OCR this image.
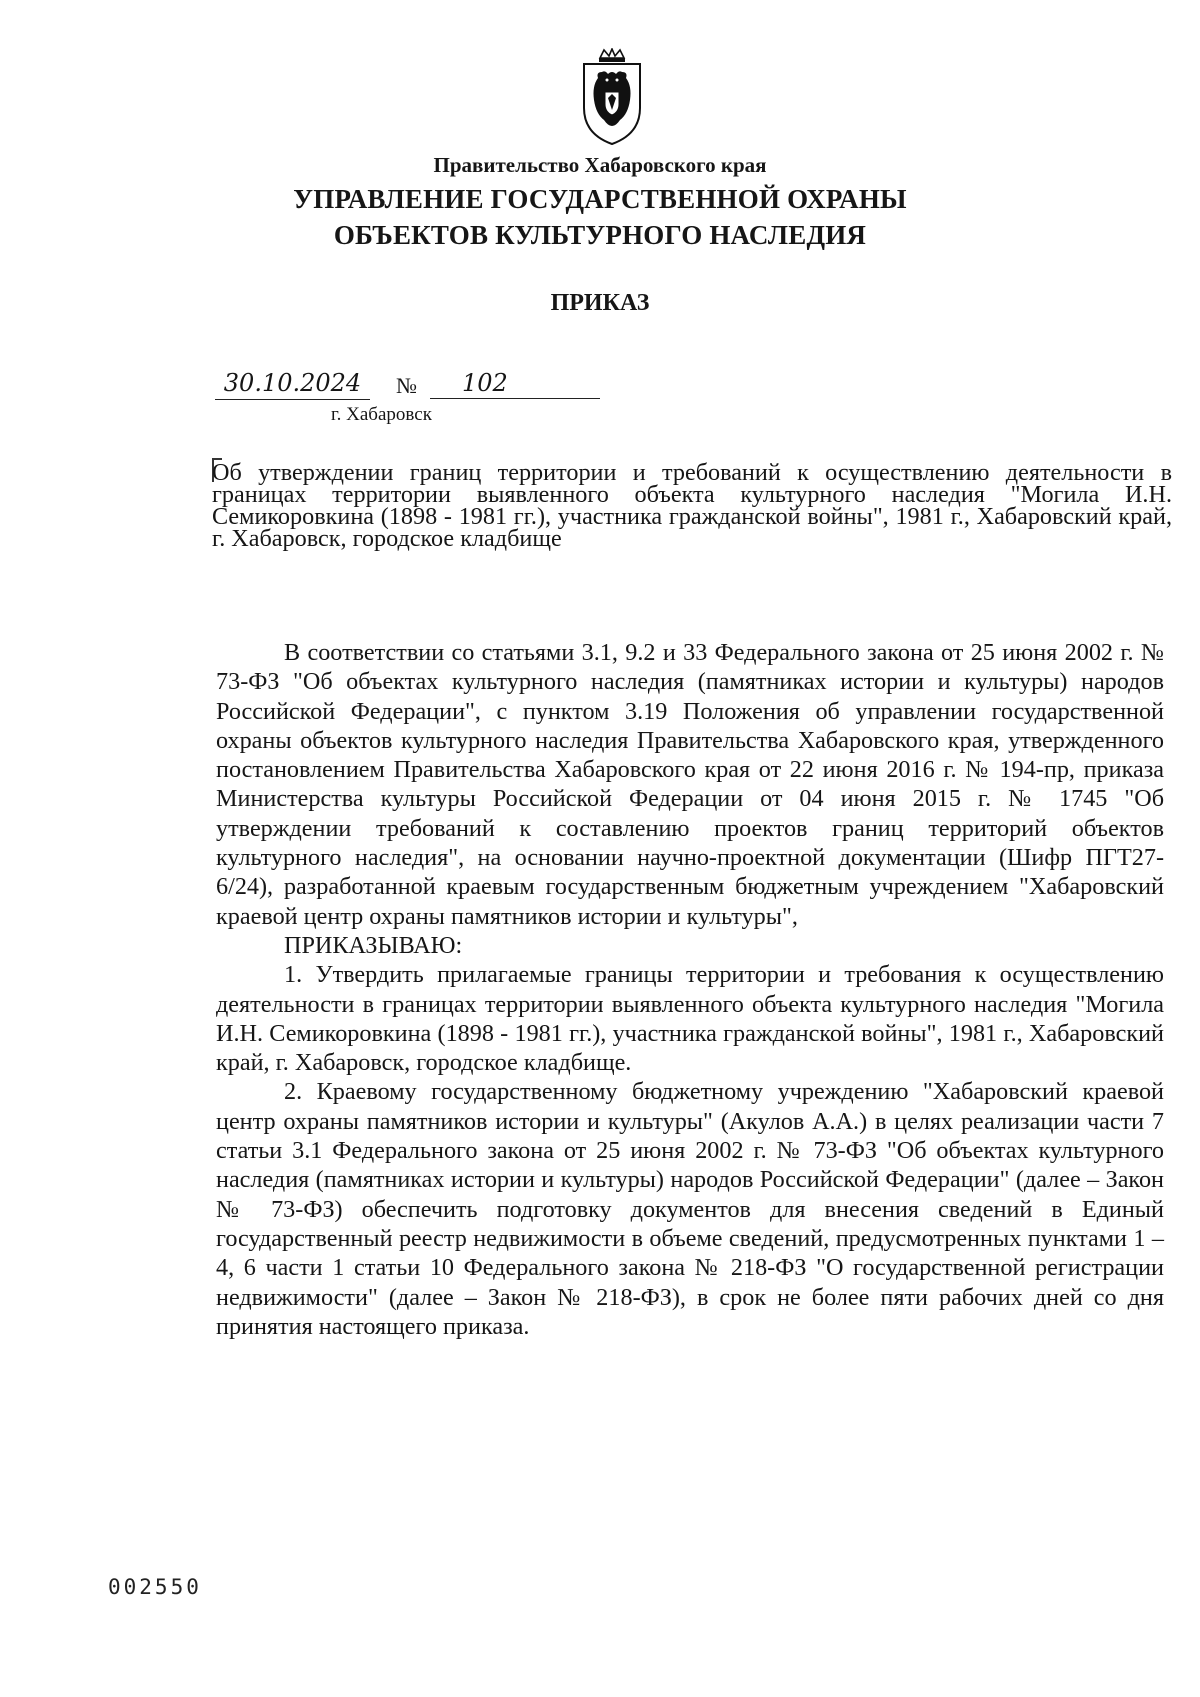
Правительство Хабаровского края
УПРАВЛЕНИЕ ГОСУДАРСТВЕННОЙ ОХРАНЫ
ОБЪЕКТОВ КУЛЬТУРНОГО НАСЛЕДИЯ
ПРИКАЗ
30.10.2024	№	102
г. Хабаровск
Об утверждении границ территории и требований к осуществлению деятельности в границах территории выявленного объекта культурного наследия "Могила И.Н. Семикоровкина (1898 - 1981 гг.), участника гражданской войны", 1981 г., Хабаровский край, г. Хабаровск, городское кладбище

В соответствии со статьями 3.1, 9.2 и 33 Федерального закона от 25 июня 2002 г. № 73-ФЗ "Об объектах культурного наследия (памятниках истории и культуры) народов Российской Федерации", с пунктом 3.19 Положения об управлении государственной охраны объектов культурного наследия Правительства Хабаровского края, утвержденного постановлением Правительства Хабаровского края от 22 июня 2016 г. № 194-пр, приказа Министерства культуры Российской Федерации от 04 июня 2015 г. № 1745 "Об утверждении требований к составлению проектов границ территорий объектов культурного наследия", на основании научно-проектной документации (Шифр ПГТ27-6/24), разработанной краевым государственным бюджетным учреждением "Хабаровский краевой центр охраны памятников истории и культуры",

ПРИКАЗЫВАЮ:

1. Утвердить прилагаемые границы территории и требования к осуществлению деятельности в границах территории выявленного объекта культурного наследия "Могила И.Н. Семикоровкина (1898 - 1981 гг.), участника гражданской войны", 1981 г., Хабаровский край, г. Хабаровск, городское кладбище.

2. Краевому государственному бюджетному учреждению "Хабаровский краевой центр охраны памятников истории и культуры" (Акулов А.А.) в целях реализации части 7 статьи 3.1 Федерального закона от 25 июня 2002 г. № 73-ФЗ "Об объектах культурного наследия (памятниках истории и культуры) народов Российской Федерации" (далее – Закон № 73-ФЗ) обеспечить подготовку документов для внесения сведений в Единый государственный реестр недвижимости в объеме сведений, предусмотренных пунктами 1 – 4, 6 части 1 статьи 10 Федерального закона № 218-ФЗ "О государственной регистрации недвижимости" (далее – Закон № 218-ФЗ), в срок не более пяти рабочих дней со дня принятия настоящего приказа.

002550
